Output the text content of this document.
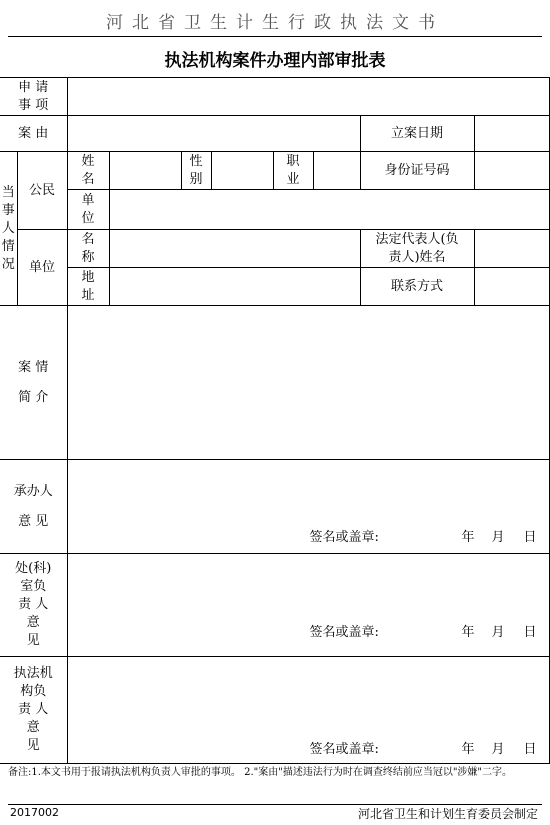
河北省卫生计生行政执法文书
执法机构案件办理内部审批表
申 请 事 项									

案 由								立案日期	

当事人情况	公民	姓名		性别		职业		身份证号码	

		单位							

	单位	名称						法定代表人(负责人)姓名	

		地址						联系方式	

案 情
简 介									

承办人
意 见		签名或盖章: 年 月 日							

处(科)
室负
责 人
意
见		签名或盖章: 年 月 日							

执法机
构负
责 人
意
见		签名或盖章: 年 月 日							
备注:1.本文书用于报请执法机构负责人审批的事项。 2."案由"描述违法行为时在调查终结前应当冠以"涉嫌"二字。
2017002	河北省卫生和计划生育委员会制定
